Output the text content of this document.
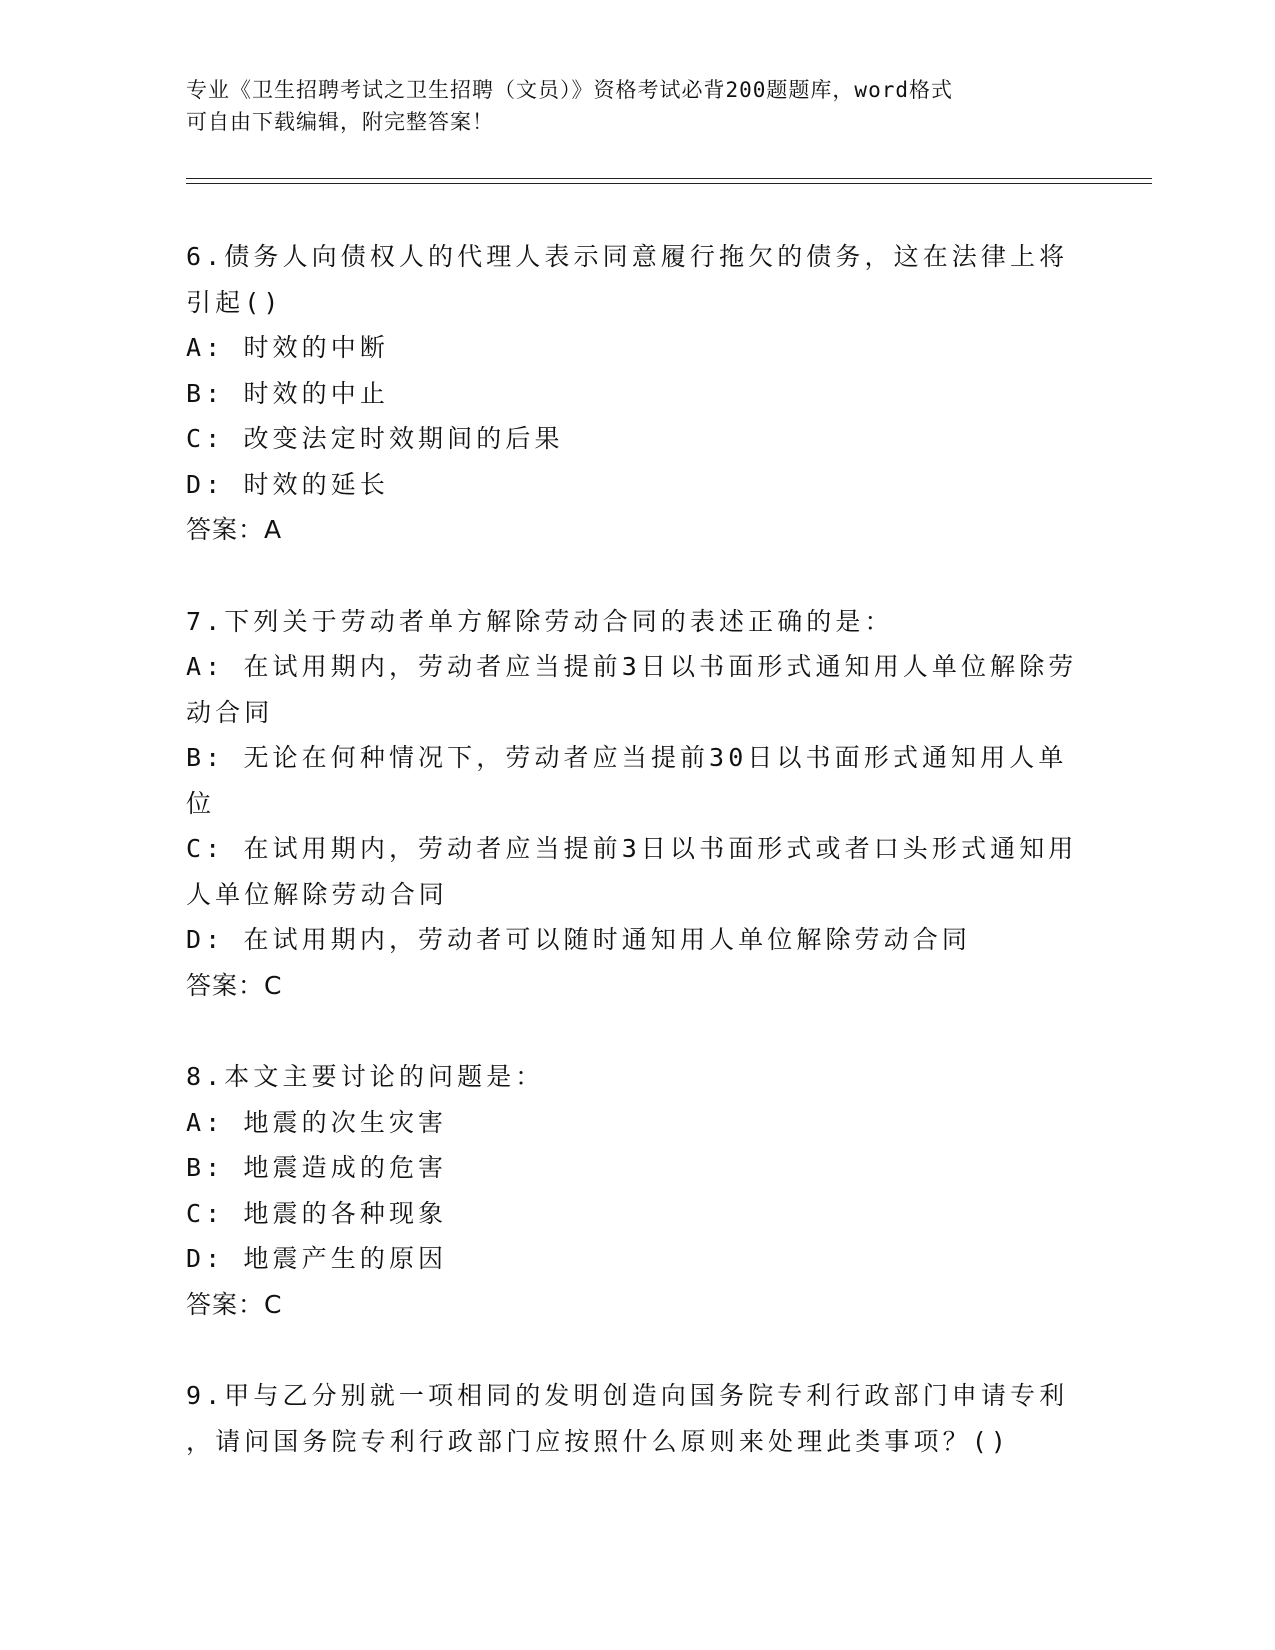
专业《卫生招聘考试之卫生招聘（文员）》资格考试必背200题题库，word格式
可自由下载编辑，附完整答案！

6.债务人向债权人的代理人表示同意履行拖欠的债务，这在法律上将

引起()

A: 时效的中断

B: 时效的中止

C: 改变法定时效期间的后果

D: 时效的延长

答案：A

7.下列关于劳动者单方解除劳动合同的表述正确的是：

A: 在试用期内，劳动者应当提前3日以书面形式通知用人单位解除劳

动合同

B: 无论在何种情况下，劳动者应当提前30日以书面形式通知用人单

位

C: 在试用期内，劳动者应当提前3日以书面形式或者口头形式通知用

人单位解除劳动合同

D: 在试用期内，劳动者可以随时通知用人单位解除劳动合同

答案：C

8.本文主要讨论的问题是：

A: 地震的次生灾害

B: 地震造成的危害

C: 地震的各种现象

D: 地震产生的原因

答案：C

9.甲与乙分别就一项相同的发明创造向国务院专利行政部门申请专利

，请问国务院专利行政部门应按照什么原则来处理此类事项？()
